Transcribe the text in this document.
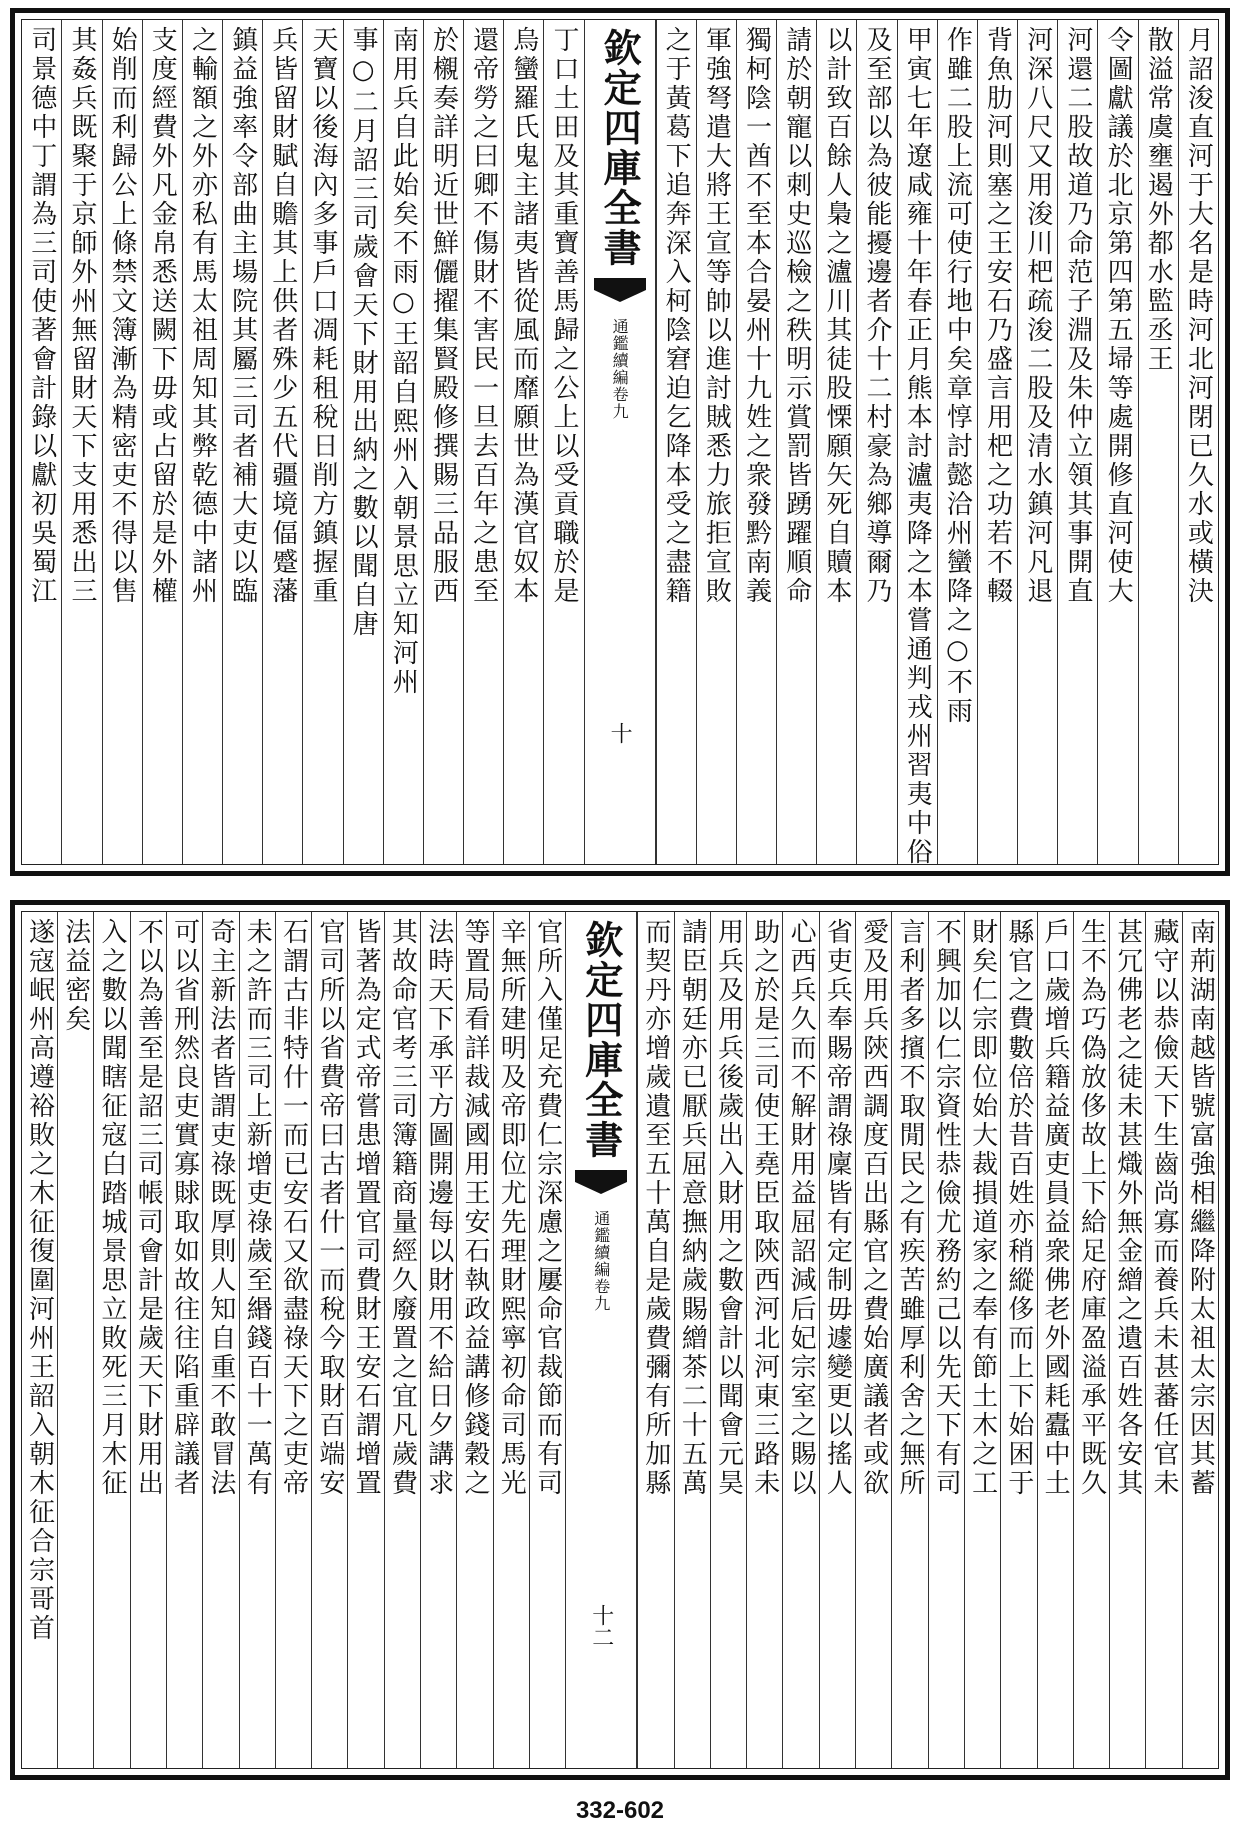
月詔浚直河于大名是時河北河閉已久水或橫決
散溢常虞壅遏外都水監丞王
令圖獻議於北京第四第五埽等處開修直河使大
河還二股故道乃命范子淵及朱仲立領其事開直
河深八尺又用浚川杷疏浚二股及清水鎮河凡退
背魚肋河則塞之王安石乃盛言用杷之功若不輟
作雖二股上流可使行地中矣章惇討懿洽州蠻降之○不雨
甲寅七年遼咸雍十年春正月熊本討瀘夷降之本嘗通判戎州習夷中俗
及至部以為彼能擾邊者介十二村豪為鄉導爾乃
以計致百餘人梟之瀘川其徒股慄願矢死自贖本
請於朝寵以刺史巡檢之秩明示賞罰皆踴躍順命
獨柯陰一酋不至本合晏州十九姓之衆發黔南義
軍強弩遣大將王宣等帥以進討賊悉力旅拒宣敗
之于黃葛下追奔深入柯陰窘迫乞降本受之盡籍
欽定四庫全書
通鑑續編卷九
十
丁口土田及其重寶善馬歸之公上以受貢職於是
烏蠻羅氏鬼主諸夷皆從風而靡願世為漢官奴本
還帝勞之曰卿不傷財不害民一旦去百年之患至
於櫬奏詳明近世鮮儷擢集賢殿修撰賜三品服西
南用兵自此始矣不雨○王韶自熙州入朝景思立知河州
事○二月詔三司歲會天下財用出納之數以聞自唐
天寶以後海內多事戶口凋耗租稅日削方鎮握重
兵皆留財賦自贍其上供者殊少五代疆境偪蹙藩
鎮益強率令部曲主場院其屬三司者補大吏以臨
之輸額之外亦私有馬太祖周知其弊乾德中諸州
支度經費外凡金帛悉送闕下毋或占留於是外權
始削而利歸公上條禁文簿漸為精密吏不得以售
其姦兵既聚于京師外州無留財天下支用悉出三
司景德中丁謂為三司使著會計錄以獻初吳蜀江
南荊湖南越皆號富強相繼降附太祖太宗因其蓄
藏守以恭儉天下生齒尚寡而養兵未甚蕃任官未
甚冗佛老之徒未甚熾外無金繒之遺百姓各安其
生不為巧偽放侈故上下給足府庫盈溢承平既久
戶口歲增兵籍益廣吏員益衆佛老外國耗蠹中土
縣官之費數倍於昔百姓亦稍縱侈而上下始困于
財矣仁宗即位始大裁損道家之奉有節土木之工
不興加以仁宗資性恭儉尤務約己以先天下有司
言利者多擯不取閒民之有疾苦雖厚利舍之無所
愛及用兵陝西調度百出縣官之費始廣議者或欲
省吏兵奉賜帝謂祿廩皆有定制毋遽變更以搖人
心西兵久而不解財用益屈詔減后妃宗室之賜以
助之於是三司使王堯臣取陝西河北河東三路未
用兵及用兵後歲出入財用之數會計以聞會元昊
請臣朝廷亦已厭兵屈意撫納歲賜繒茶二十五萬
而契丹亦增歲遺至五十萬自是歲費彌有所加縣
欽定四庫全書
通鑑續編卷九
十二
官所入僅足充費仁宗深慮之屢命官裁節而有司
辛無所建明及帝即位尤先理財熙寧初命司馬光
等置局看詳裁減國用王安石執政益講修錢穀之
法時天下承平方圖開邊每以財用不給日夕講求
其故命官考三司簿籍商量經久廢置之宜凡歲費
皆著為定式帝嘗患增置官司費財王安石謂增置
官司所以省費帝曰古者什一而稅今取財百端安
石謂古非特什一而已安石又欲盡祿天下之吏帝
未之許而三司上新增吏祿歲至緡錢百十一萬有
奇主新法者皆謂吏祿既厚則人知自重不敢冒法
可以省刑然良吏實寡賕取如故往往陷重辟議者
不以為善至是詔三司帳司會計是歲天下財用出
入之數以聞瞎征寇白踏城景思立敗死三月木征
法益密矣
遂寇岷州高遵裕敗之木征復圍河州王韶入朝木征合宗哥首
332-602
